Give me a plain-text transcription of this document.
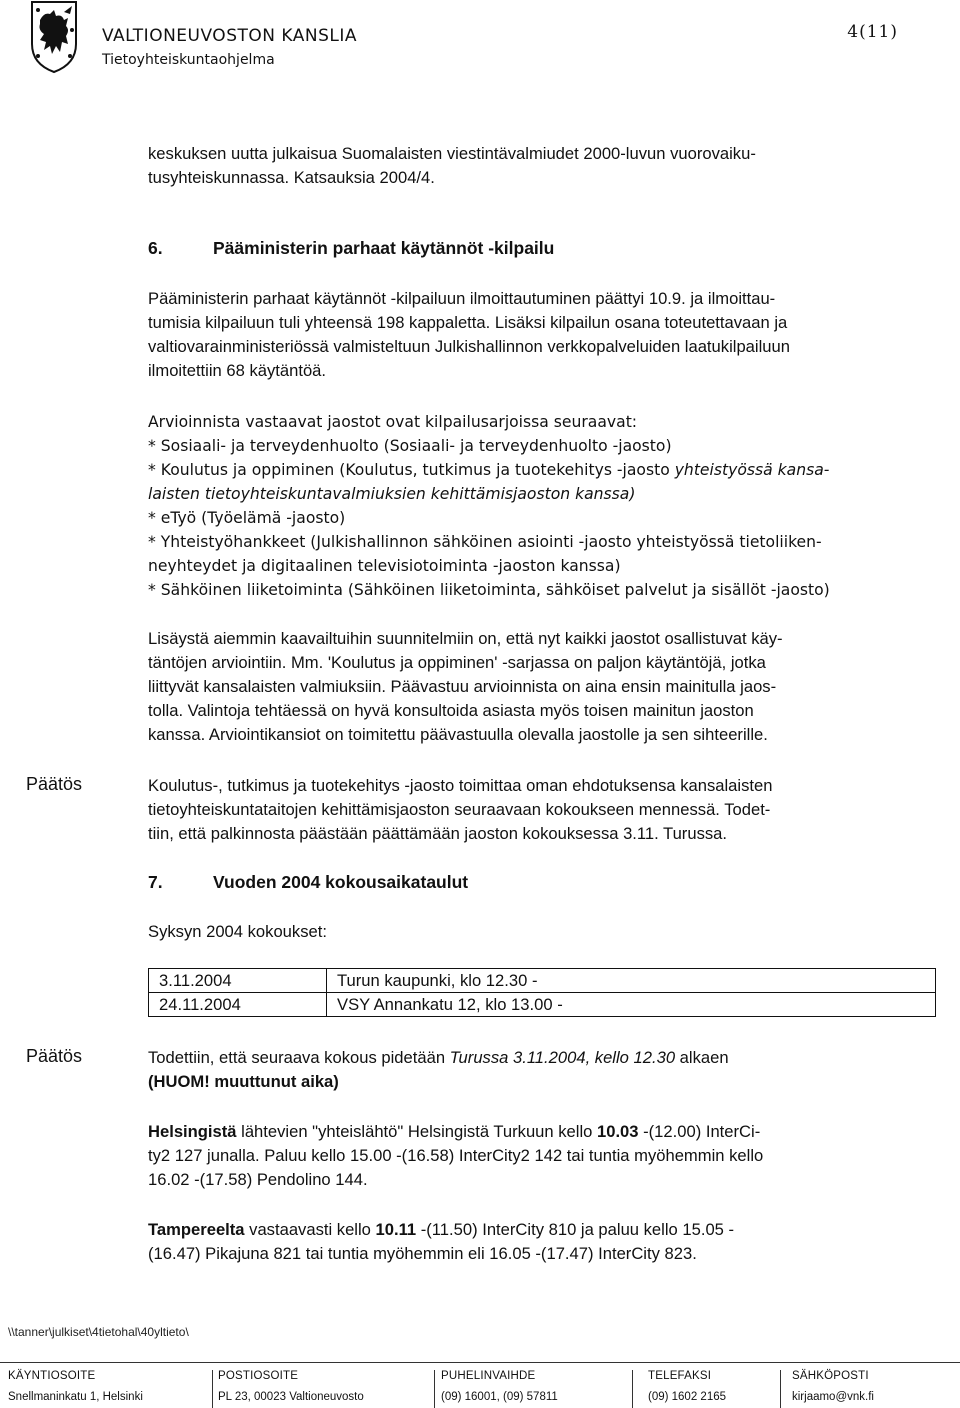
VALTIONEUVOSTON KANSLIA
Tietoyhteiskuntaohjelma
4(11)
keskuksen uutta julkaisua Suomalaisten viestintävalmiudet 2000-luvun vuorovaiku-
tusyhteiskunnassa. Katsauksia 2004/4.
6.	Pääministerin parhaat käytännöt -kilpailu
Pääministerin parhaat käytännöt -kilpailuun ilmoittautuminen päättyi 10.9. ja ilmoittau-
tumisia kilpailuun tuli yhteensä 198 kappaletta. Lisäksi kilpailun osana toteutettavaan ja
valtiovarainministeriössä valmisteltuun Julkishallinnon verkkopalveluiden laatukilpailuun
ilmoitettiin 68 käytäntöä.
Arvioinnista vastaavat jaostot ovat kilpailusarjoissa seuraavat:
* Sosiaali- ja terveydenhuolto (Sosiaali- ja terveydenhuolto -jaosto)
* Koulutus ja oppiminen (Koulutus, tutkimus ja tuotekehitys -jaosto yhteistyössä kansa-
laisten tietoyhteiskuntavalmiuksien kehittämisjaoston kanssa)
* eTyö (Työelämä -jaosto)
* Yhteistyöhankkeet (Julkishallinnon sähköinen asiointi -jaosto yhteistyössä tietoliiken-
neyhteydet ja digitaalinen televisiotoiminta -jaoston kanssa)
* Sähköinen liiketoiminta (Sähköinen liiketoiminta, sähköiset palvelut ja sisällöt -jaosto)
Lisäystä aiemmin kaavailtuihin suunnitelmiin on, että nyt kaikki jaostot osallistuvat käy-
täntöjen arviointiin. Mm. 'Koulutus ja oppiminen' -sarjassa on paljon käytäntöjä, jotka
liittyvät kansalaisten valmiuksiin. Päävastuu arvioinnista on aina ensin mainitulla jaos-
tolla. Valintoja tehtäessä on hyvä konsultoida asiasta myös toisen mainitun jaoston
kanssa. Arviointikansiot on toimitettu päävastuulla olevalla jaostolle ja sen sihteerille.
Päätös	Koulutus-, tutkimus ja tuotekehitys -jaosto toimittaa oman ehdotuksensa kansalaisten
tietoyhteiskuntataitojen kehittämisjaoston seuraavaan kokoukseen mennessä. Todet-
tiin, että palkinnosta päästään päättämään jaoston kokouksessa 3.11. Turussa.
7.	Vuoden 2004 kokousaikataulut
Syksyn 2004 kokoukset:
3.11.2004	Turun kaupunki, klo 12.30 -
24.11.2004	VSY Annankatu 12, klo 13.00 -
Päätös	Todettiin, että seuraava kokous pidetään Turussa 3.11.2004, kello 12.30 alkaen
(HUOM! muuttunut aika)
Helsingistä lähtevien "yhteislähtö" Helsingistä Turkuun kello 10.03 -(12.00) InterCi-
ty2 127 junalla. Paluu kello 15.00 -(16.58) InterCity2 142 tai tuntia myöhemmin kello
16.02 -(17.58) Pendolino 144.
Tampereelta vastaavasti kello 10.11 -(11.50) InterCity 810 ja paluu kello 15.05 -
(16.47) Pikajuna 821 tai tuntia myöhemmin eli 16.05 -(17.47) InterCity 823.
\\tanner\julkiset\4tietohal\40yltieto\
KÄYNTIOSOITE
Snellmaninkatu 1, Helsinki
POSTIOSOITE
PL 23, 00023 Valtioneuvosto
PUHELINVAIHDE
(09) 16001, (09) 57811
TELEFAKSI
(09) 1602 2165
SÄHKÖPOSTI
kirjaamo@vnk.fi
